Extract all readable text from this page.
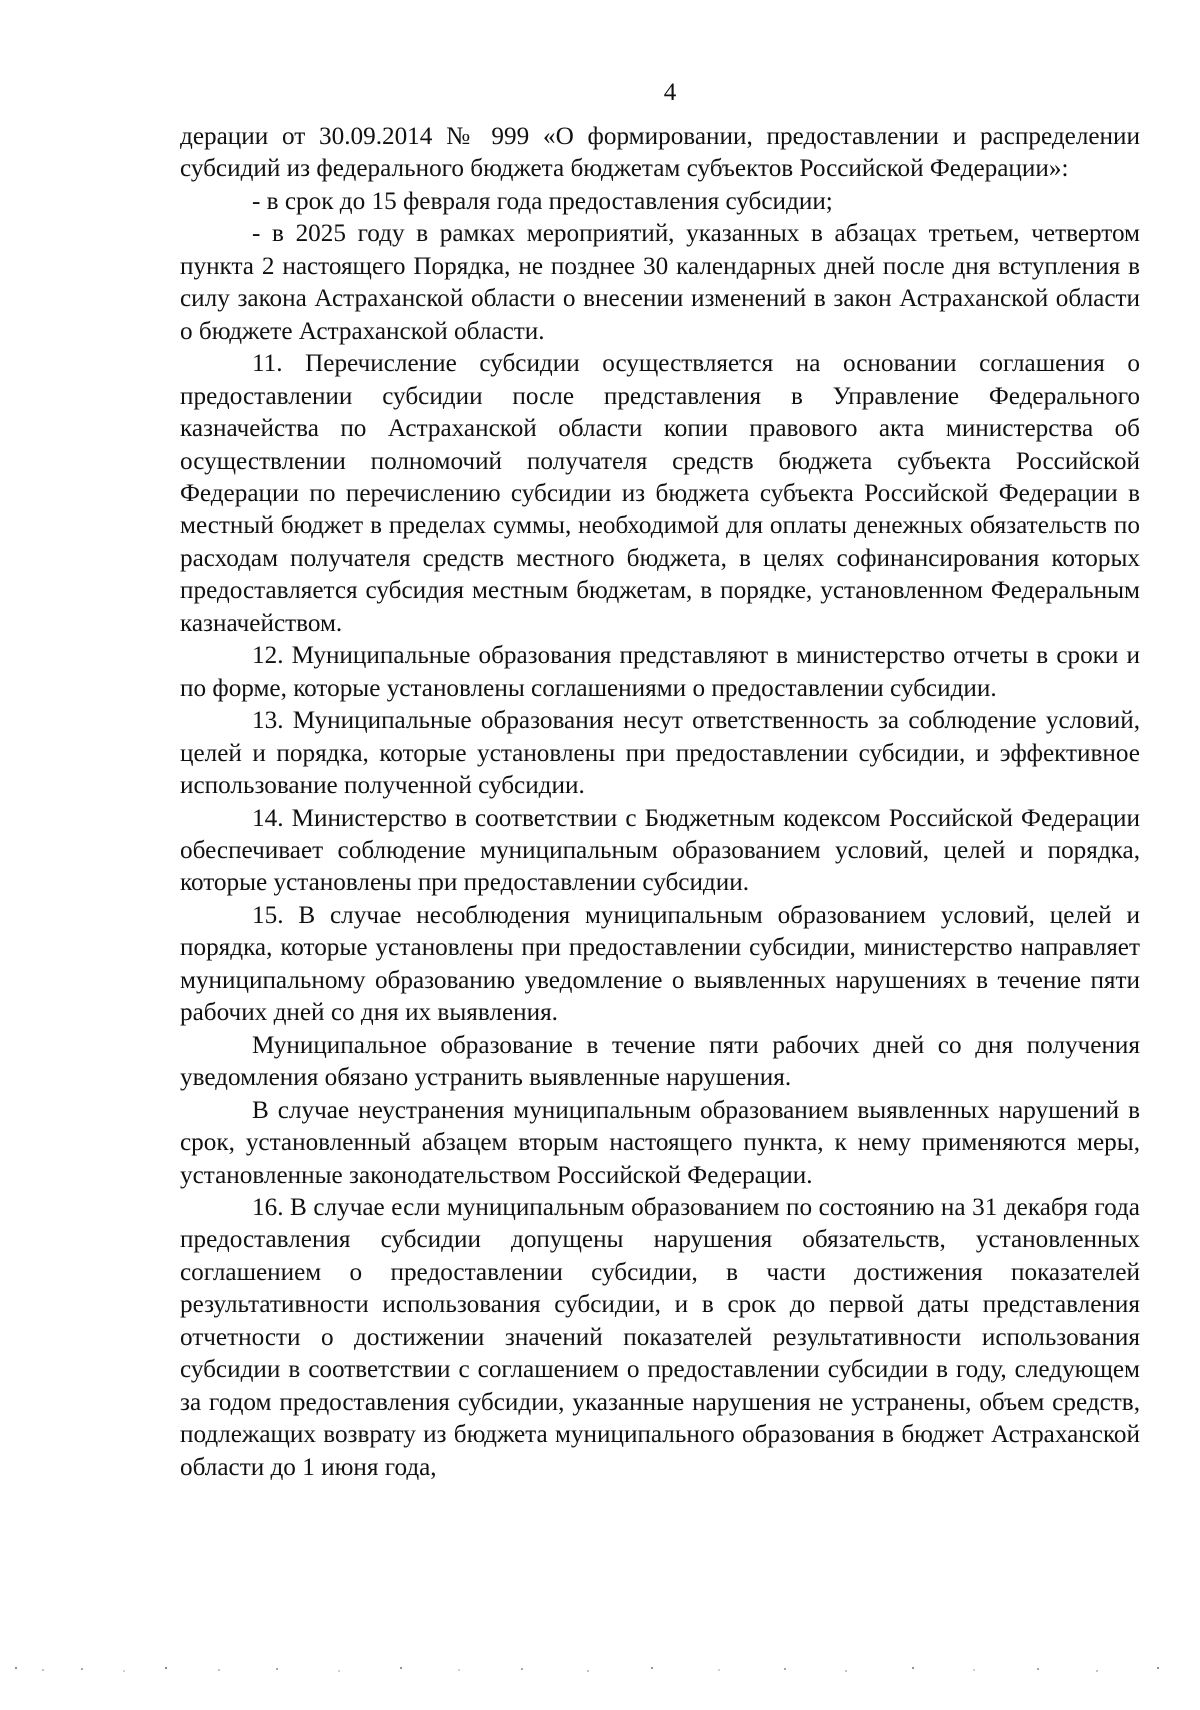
4

дерации от 30.09.2014 № 999 «О формировании, предоставлении и распределении субсидий из федерального бюджета бюджетам субъектов Российской Федерации»:

- в срок до 15 февраля года предоставления субсидии;

- в 2025 году в рамках мероприятий, указанных в абзацах третьем, четвертом пункта 2 настоящего Порядка, не позднее 30 календарных дней после дня вступления в силу закона Астраханской области о внесении изменений в закон Астраханской области о бюджете Астраханской области.

11. Перечисление субсидии осуществляется на основании соглашения о предоставлении субсидии после представления в Управление Федерального казначейства по Астраханской области копии правового акта министерства об осуществлении полномочий получателя средств бюджета субъекта Российской Федерации по перечислению субсидии из бюджета субъекта Российской Федерации в местный бюджет в пределах суммы, необходимой для оплаты денежных обязательств по расходам получателя средств местного бюджета, в целях софинансирования которых предоставляется субсидия местным бюджетам, в порядке, установленном Федеральным казначейством.

12. Муниципальные образования представляют в министерство отчеты в сроки и по форме, которые установлены соглашениями о предоставлении субсидии.

13. Муниципальные образования несут ответственность за соблюдение условий, целей и порядка, которые установлены при предоставлении субсидии, и эффективное использование полученной субсидии.

14. Министерство в соответствии с Бюджетным кодексом Российской Федерации обеспечивает соблюдение муниципальным образованием условий, целей и порядка, которые установлены при предоставлении субсидии.

15. В случае несоблюдения муниципальным образованием условий, целей и порядка, которые установлены при предоставлении субсидии, министерство направляет муниципальному образованию уведомление о выявленных нарушениях в течение пяти рабочих дней со дня их выявления.

Муниципальное образование в течение пяти рабочих дней со дня получения уведомления обязано устранить выявленные нарушения.

В случае неустранения муниципальным образованием выявленных нарушений в срок, установленный абзацем вторым настоящего пункта, к нему применяются меры, установленные законодательством Российской Федерации.

16. В случае если муниципальным образованием по состоянию на 31 декабря года предоставления субсидии допущены нарушения обязательств, установленных соглашением о предоставлении субсидии, в части достижения показателей результативности использования субсидии, и в срок до первой даты представления отчетности о достижении значений показателей результативности использования субсидии в соответствии с соглашением о предоставлении субсидии в году, следующем за годом предоставления субсидии, указанные нарушения не устранены, объем средств, подлежащих возврату из бюджета муниципального образования в бюджет Астраханской области до 1 июня года,
